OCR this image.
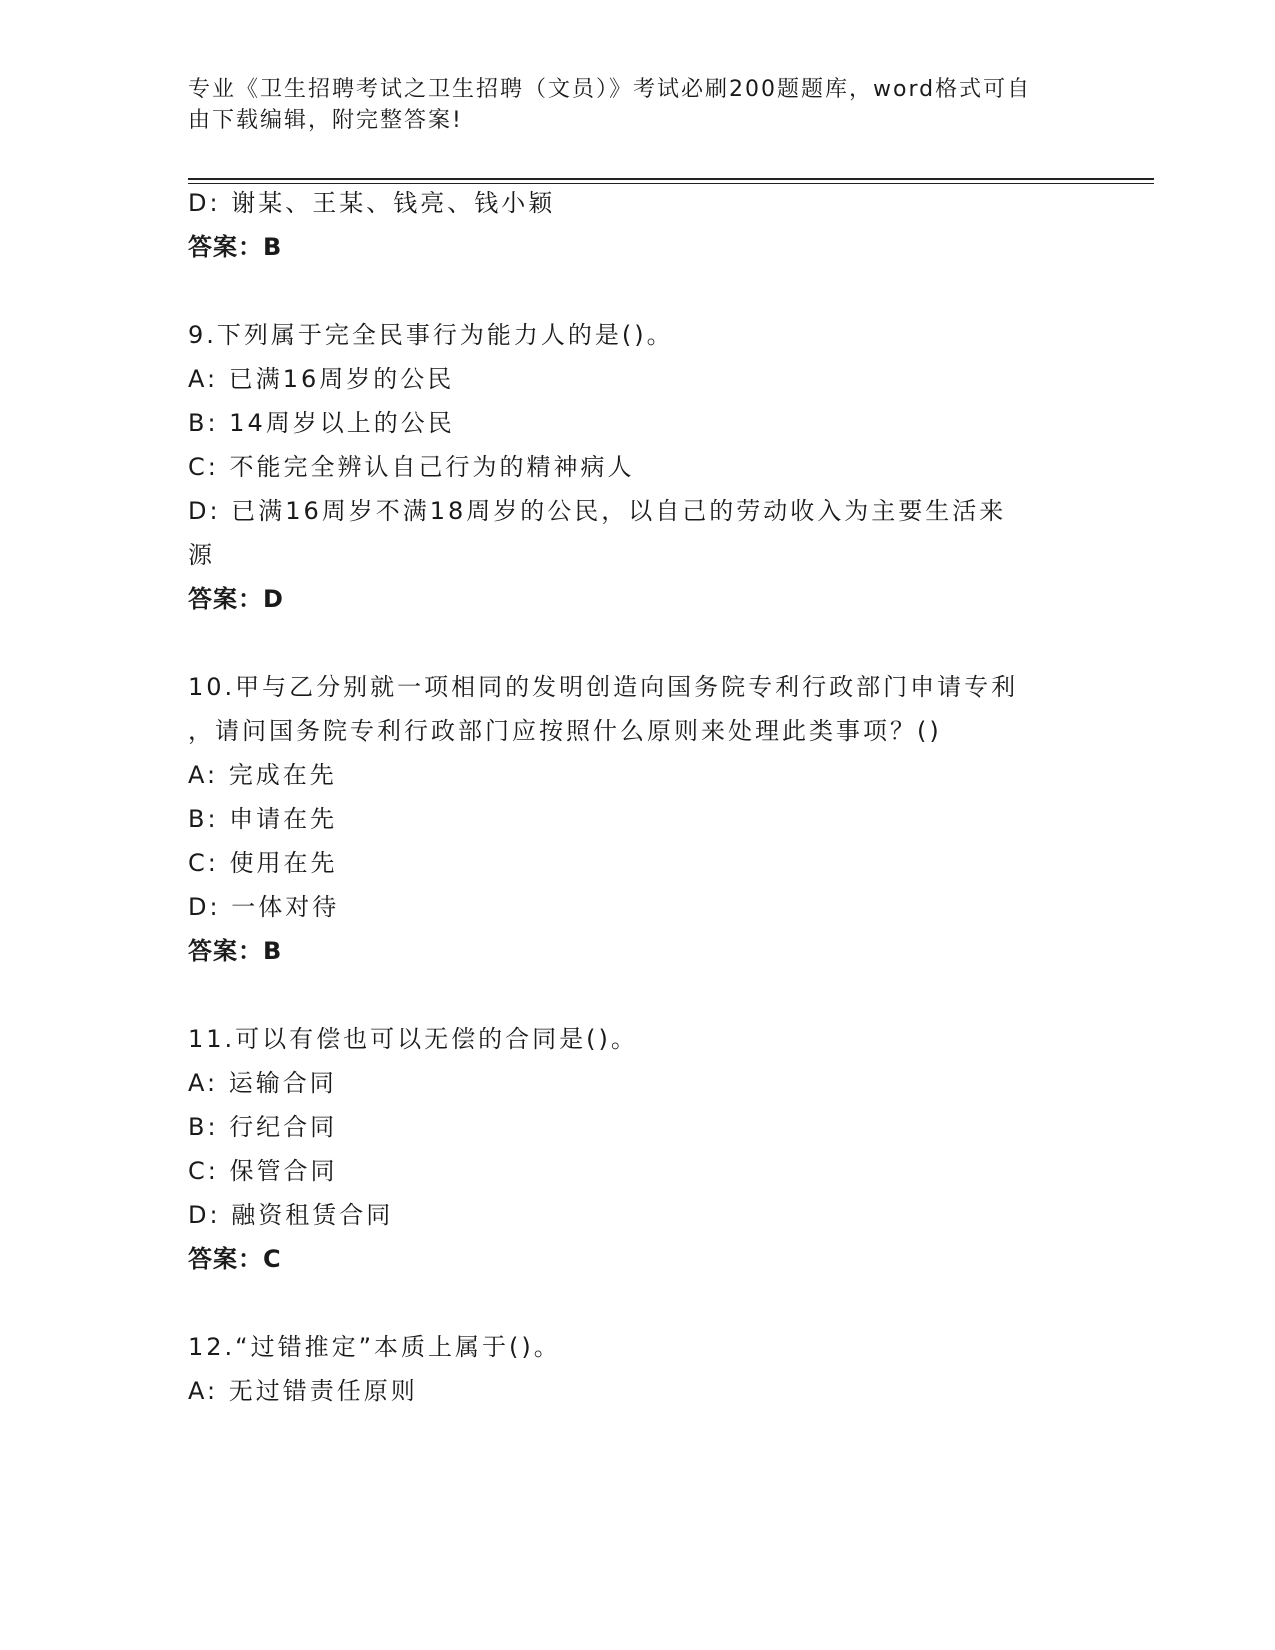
专业《卫生招聘考试之卫生招聘（文员）》考试必刷200题题库，word格式可自
由下载编辑，附完整答案!
D: 谢某、王某、钱亮、钱小颖
答案：B
9.下列属于完全民事行为能力人的是()。
A: 已满16周岁的公民
B: 14周岁以上的公民
C: 不能完全辨认自己行为的精神病人
D: 已满16周岁不满18周岁的公民，以自己的劳动收入为主要生活来
源
答案：D
10.甲与乙分别就一项相同的发明创造向国务院专利行政部门申请专利
，请问国务院专利行政部门应按照什么原则来处理此类事项？()
A: 完成在先
B: 申请在先
C: 使用在先
D: 一体对待
答案：B
11.可以有偿也可以无偿的合同是()。
A: 运输合同
B: 行纪合同
C: 保管合同
D: 融资租赁合同
答案：C
12.“过错推定”本质上属于()。
A: 无过错责任原则
